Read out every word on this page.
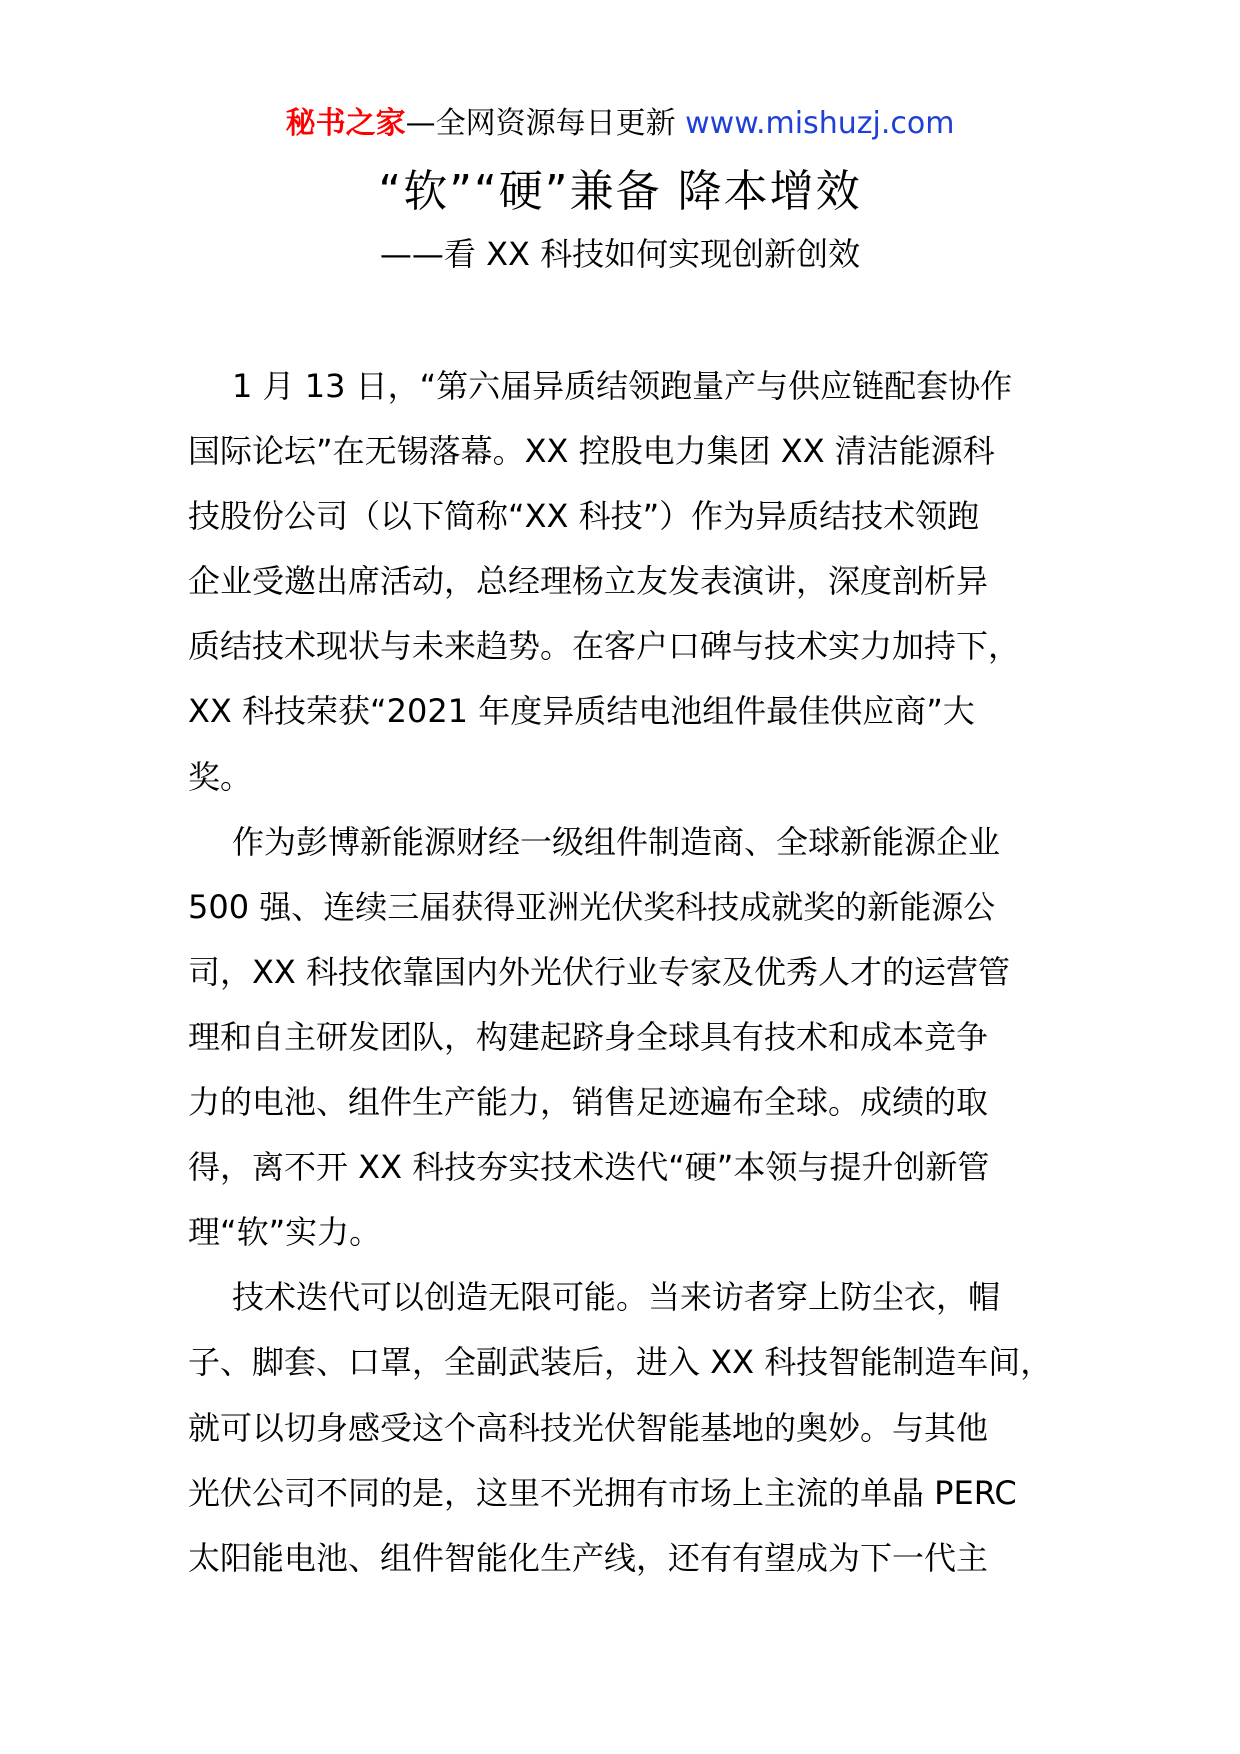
秘书之家—全网资源每日更新 www.mishuzj.com
“软”“硬”兼备 降本增效
——看 XX 科技如何实现创新创效
1 月 13 日，“第六届异质结领跑量产与供应链配套协作
国际论坛”在无锡落幕。XX 控股电力集团 XX 清洁能源科
技股份公司（以下简称“XX 科技”）作为异质结技术领跑
企业受邀出席活动，总经理杨立友发表演讲，深度剖析异
质结技术现状与未来趋势。在客户口碑与技术实力加持下，
XX 科技荣获“2021 年度异质结电池组件最佳供应商”大
奖。
作为彭博新能源财经一级组件制造商、全球新能源企业
500 强、连续三届获得亚洲光伏奖科技成就奖的新能源公
司，XX 科技依靠国内外光伏行业专家及优秀人才的运营管
理和自主研发团队，构建起跻身全球具有技术和成本竞争
力的电池、组件生产能力，销售足迹遍布全球。成绩的取
得，离不开 XX 科技夯实技术迭代“硬”本领与提升创新管
理“软”实力。
技术迭代可以创造无限可能。当来访者穿上防尘衣，帽
子、脚套、口罩，全副武装后，进入 XX 科技智能制造车间，
就可以切身感受这个高科技光伏智能基地的奥妙。与其他
光伏公司不同的是，这里不光拥有市场上主流的单晶 PERC
太阳能电池、组件智能化生产线，还有有望成为下一代主
